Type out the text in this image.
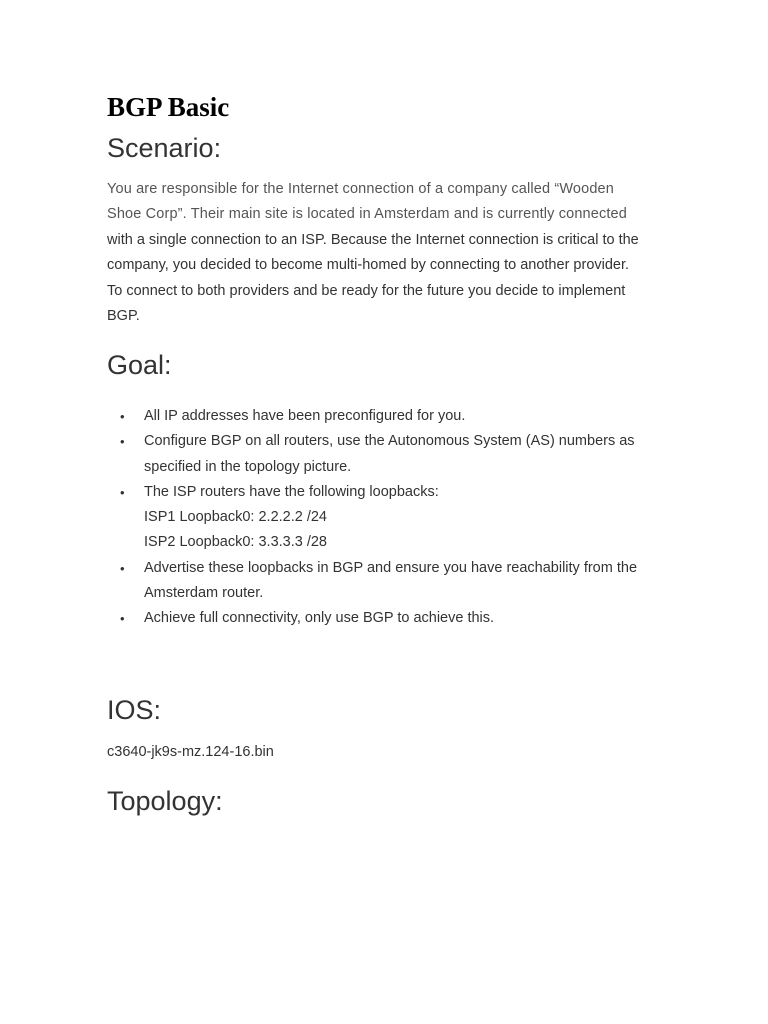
BGP Basic
Scenario:
You are responsible for the Internet connection of a company called “Wooden
Shoe Corp”. Their main site is located in Amsterdam and is currently connected
with a single connection to an ISP. Because the Internet connection is critical to the
company, you decided to become multi-homed by connecting to another provider.
To connect to both providers and be ready for the future you decide to implement
BGP.
Goal:
• All IP addresses have been preconfigured for you.
• Configure BGP on all routers, use the Autonomous System (AS) numbers as
specified in the topology picture.
• The ISP routers have the following loopbacks:
ISP1 Loopback0: 2.2.2.2 /24
ISP2 Loopback0: 3.3.3.3 /28
• Advertise these loopbacks in BGP and ensure you have reachability from the
Amsterdam router.
• Achieve full connectivity, only use BGP to achieve this.
IOS:

c3640-jk9s-mz.124-16.bin

Topology:
